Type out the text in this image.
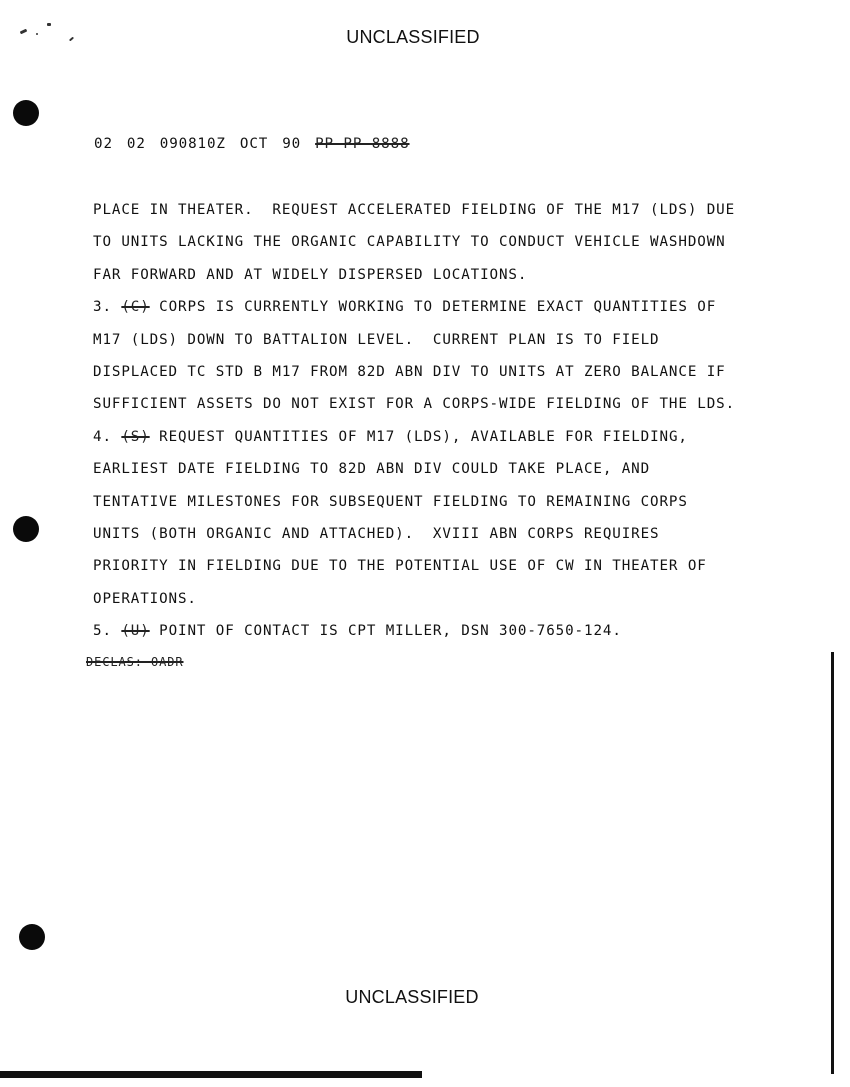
UNCLASSIFIED
02 02 090810Z OCT 90 PP PP 8888
PLACE IN THEATER.  REQUEST ACCELERATED FIELDING OF THE M17 (LDS) DUE
TO UNITS LACKING THE ORGANIC CAPABILITY TO CONDUCT VEHICLE WASHDOWN
FAR FORWARD AND AT WIDELY DISPERSED LOCATIONS.
3. (C) CORPS IS CURRENTLY WORKING TO DETERMINE EXACT QUANTITIES OF
M17 (LDS) DOWN TO BATTALION LEVEL.  CURRENT PLAN IS TO FIELD
DISPLACED TC STD B M17 FROM 82D ABN DIV TO UNITS AT ZERO BALANCE IF
SUFFICIENT ASSETS DO NOT EXIST FOR A CORPS-WIDE FIELDING OF THE LDS.
4. (S) REQUEST QUANTITIES OF M17 (LDS), AVAILABLE FOR FIELDING,
EARLIEST DATE FIELDING TO 82D ABN DIV COULD TAKE PLACE, AND
TENTATIVE MILESTONES FOR SUBSEQUENT FIELDING TO REMAINING CORPS
UNITS (BOTH ORGANIC AND ATTACHED).  XVIII ABN CORPS REQUIRES
PRIORITY IN FIELDING DUE TO THE POTENTIAL USE OF CW IN THEATER OF
OPERATIONS.
5. (U) POINT OF CONTACT IS CPT MILLER, DSN 300-7650-124.
DECLAS: OADR
UNCLASSIFIED
